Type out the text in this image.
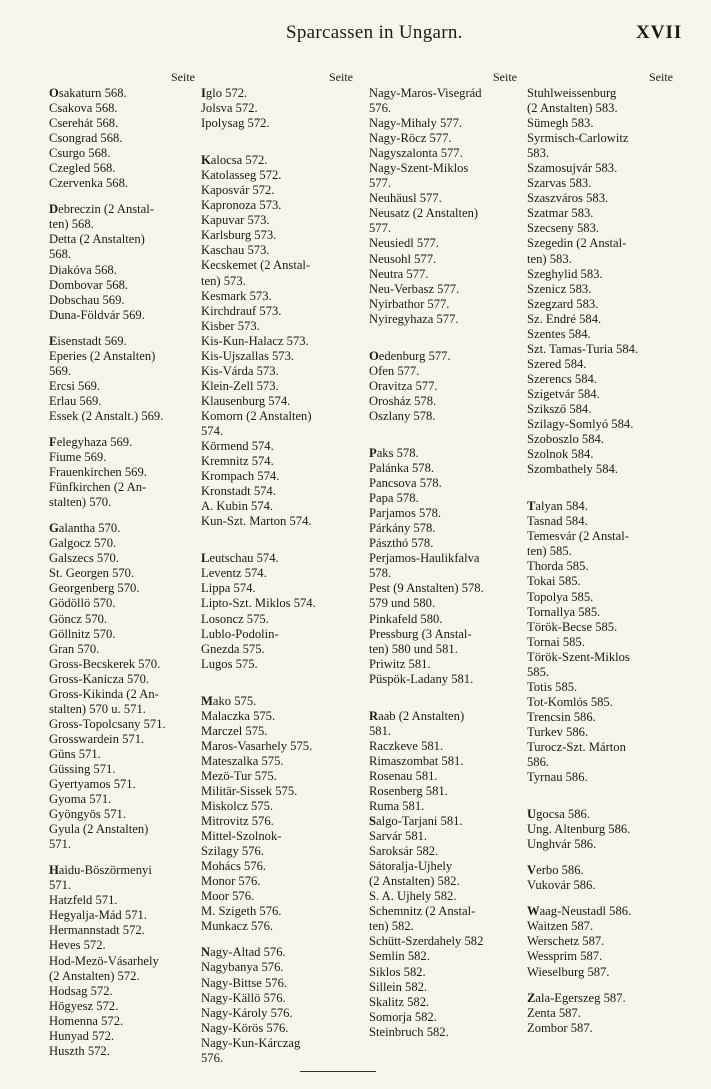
Sparcassen in Ungarn.	XVII
Seite
Osakaturn 568.
Csakova 568.
Cserehát 568.
Csongrad 568.
Csurgo 568.
Czegled 568.
Czervenka 568.
Debreczin (2 Anstal-
ten) 568.
Detta (2 Anstalten)
568.
Diakóva 568.
Dombovar 568.
Dobschau 569.
Duna-Földvár 569.
Eisenstadt 569.
Eperies (2 Anstalten)
569.
Ercsi 569.
Erlau 569.
Essek (2 Anstalt.) 569.
Felegyhaza 569.
Fiume 569.
Frauenkirchen 569.
Fünfkirchen (2 An-
stalten) 570.
Galantha 570.
Galgocz 570.
Galszecs 570.
St. Georgen 570.
Georgenberg 570.
Gödöllö 570.
Göncz 570.
Göllnitz 570.
Gran 570.
Gross-Becskerek 570.
Gross-Kanicza 570.
Gross-Kikinda (2 An-
stalten) 570 u. 571.
Gross-Topolcsany 571.
Grosswardein 571.
Güns 571.
Güssing 571.
Gyertyamos 571.
Gyoma 571.
Gyöngyös 571.
Gyula (2 Anstalten)
571.
Haidu-Böszörmenyi
571.
Hatzfeld 571.
Hegyalja-Mád 571.
Hermannstadt 572.
Heves 572.
Hod-Mezö-Vásarhely
(2 Anstalten) 572.
Hodsag 572.
Högyesz 572.
Homenna 572.
Hunyad 572.
Huszth 572.
Seite
Iglo 572.
Jolsva 572.
Ipolysag 572.
Kalocsa 572.
Katolasseg 572.
Kaposvár 572.
Kapronoza 573.
Kapuvar 573.
Karlsburg 573.
Kaschau 573.
Kecskemet (2 Anstal-
ten) 573.
Kesmark 573.
Kirchdrauf 573.
Kisber 573.
Kis-Kun-Halacz 573.
Kis-Ujszallas 573.
Kis-Várda 573.
Klein-Zell 573.
Klausenburg 574.
Komorn (2 Anstalten)
574.
Körmend 574.
Kremnitz 574.
Krompach 574.
Kronstadt 574.
A. Kubin 574.
Kun-Szt. Marton 574.
Leutschau 574.
Leventz 574.
Lippa 574.
Lipto-Szt. Miklos 574.
Losoncz 575.
Lublo-Podolin-
Gnezda 575.
Lugos 575.
Mako 575.
Malaczka 575.
Marczel 575.
Maros-Vasarhely 575.
Mateszalka 575.
Mezö-Tur 575.
Militär-Sissek 575.
Miskolcz 575.
Mitrovitz 576.
Mittel-Szolnok-
Szilagy 576.
Mohács 576.
Monor 576.
Moor 576.
M. Szigeth 576.
Munkacz 576.
Nagy-Altad 576.
Nagybanya 576.
Nagy-Bittse 576.
Nagy-Källö 576.
Nagy-Károly 576.
Nagy-Körös 576.
Nagy-Kun-Kárczag
576.
Seite
Nagy-Maros-Visegrád
576.
Nagy-Mihaly 577.
Nagy-Röcz 577.
Nagyszalonta 577.
Nagy-Szent-Miklos
577.
Neuhäusl 577.
Neusatz (2 Anstalten)
577.
Neusiedl 577.
Neusohl 577.
Neutra 577.
Neu-Verbasz 577.
Nyirbathor 577.
Nyiregyhaza 577.
Oedenburg 577.
Ofen 577.
Oravitza 577.
Orosház 578.
Oszlany 578.
Paks 578.
Palánka 578.
Pancsova 578.
Papa 578.
Parjamos 578.
Párkány 578.
Pászthó 578.
Perjamos-Haulikfalva
578.
Pest (9 Anstalten) 578.
579 und 580.
Pinkafeld 580.
Pressburg (3 Anstal-
ten) 580 und 581.
Priwitz 581.
Püspök-Ladany 581.
Raab (2 Anstalten)
581.
Raczkeve 581.
Rimaszombat 581.
Rosenau 581.
Rosenberg 581.
Ruma 581.
Salgo-Tarjani 581.
Sarvár 581.
Saroksár 582.
Sátoralja-Ujhely
(2 Anstalten) 582.
S. A. Ujhely 582.
Schemnitz (2 Anstal-
ten) 582.
Schütt-Szerdahely 582
Semlin 582.
Siklos 582.
Sillein 582.
Skalitz 582.
Somorja 582.
Steinbruch 582.
Seite
Stuhlweissenburg
(2 Anstalten) 583.
Sümegh 583.
Syrmisch-Carlowitz
583.
Szamosujvár 583.
Szarvas 583.
Szaszváros 583.
Szatmar 583.
Szecseny 583.
Szegedin (2 Anstal-
ten) 583.
Szeghylid 583.
Szenicz 583.
Szegzard 583.
Sz. Endré 584.
Szentes 584.
Szt. Tamas-Turia 584.
Szered 584.
Szerencs 584.
Szigetvár 584.
Sziksző 584.
Szilagy-Somlyó 584.
Szoboszlo 584.
Szolnok 584.
Szombathely 584.
Talyan 584.
Tasnad 584.
Temesvár (2 Anstal-
ten) 585.
Thorda 585.
Tokai 585.
Topolya 585.
Tornallya 585.
Török-Becse 585.
Tornai 585.
Török-Szent-Miklos
585.
Totis 585.
Tot-Komlós 585.
Trencsin 586.
Turkev 586.
Turocz-Szt. Márton
586.
Tyrnau 586.
Ugocsa 586.
Ung. Altenburg 586.
Unghvár 586.
Verbo 586.
Vukovár 586.
Waag-Neustadl 586.
Waitzen 587.
Werschetz 587.
Wessprim 587.
Wieselburg 587.
Zala-Egerszeg 587.
Zenta 587.
Zombor 587.
